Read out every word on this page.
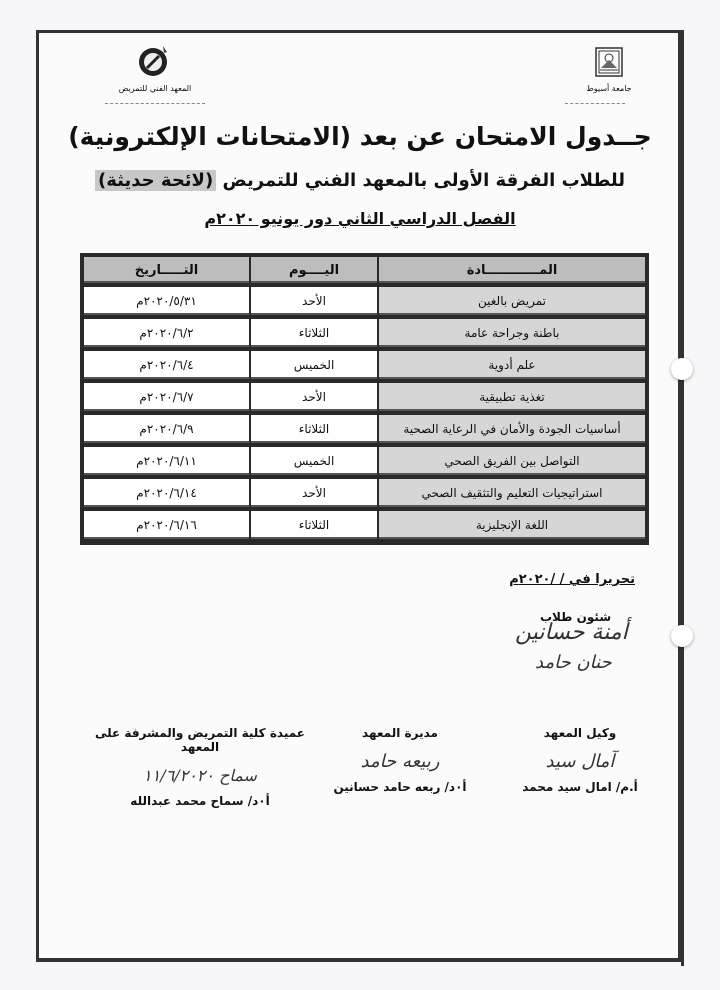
جامعة أسيوط
المعهد الفني للتمريض
جــدول الامتحان عن بعد (الامتحانات الإلكترونية)
للطلاب الفرقة الأولى بالمعهد الفني للتمريض (لائحة حديثة)
الفصل الدراسي الثاني دور يونيو ٢٠٢٠م
المــــــــــــادة	اليــــوم	التـــــاريخ
تمريض بالغين	الأحد	٢٠٢٠/٥/٣١م
باطنة وجراحة عامة	الثلاثاء	٢٠٢٠/٦/٢م
علم أدوية	الخميس	٢٠٢٠/٦/٤م
تغذية تطبيقية	الأحد	٢٠٢٠/٦/٧م
أساسيات الجودة والأمان في الرعاية الصحية	الثلاثاء	٢٠٢٠/٦/٩م
التواصل بين الفريق الصحي	الخميس	٢٠٢٠/٦/١١م
استراتيجيات التعليم والتثقيف الصحي	الأحد	٢٠٢٠/٦/١٤م
اللغة الإنجليزية	الثلاثاء	٢٠٢٠/٦/١٦م
تحريرا في / /٢٠٢٠م
شئون طلاب
أمنة حسانين
حنان حامد
وكيل المعهد
آمال سيد
أ.م/ امال سيد محمد
مديرة المعهد
ربيعه حامد
أ٠د/ ربعه حامد حسانين
عميدة كلية التمريض والمشرفة على المعهد
سماح ١١/٦/٢٠٢٠
أ٠د/ سماح محمد عبدالله
